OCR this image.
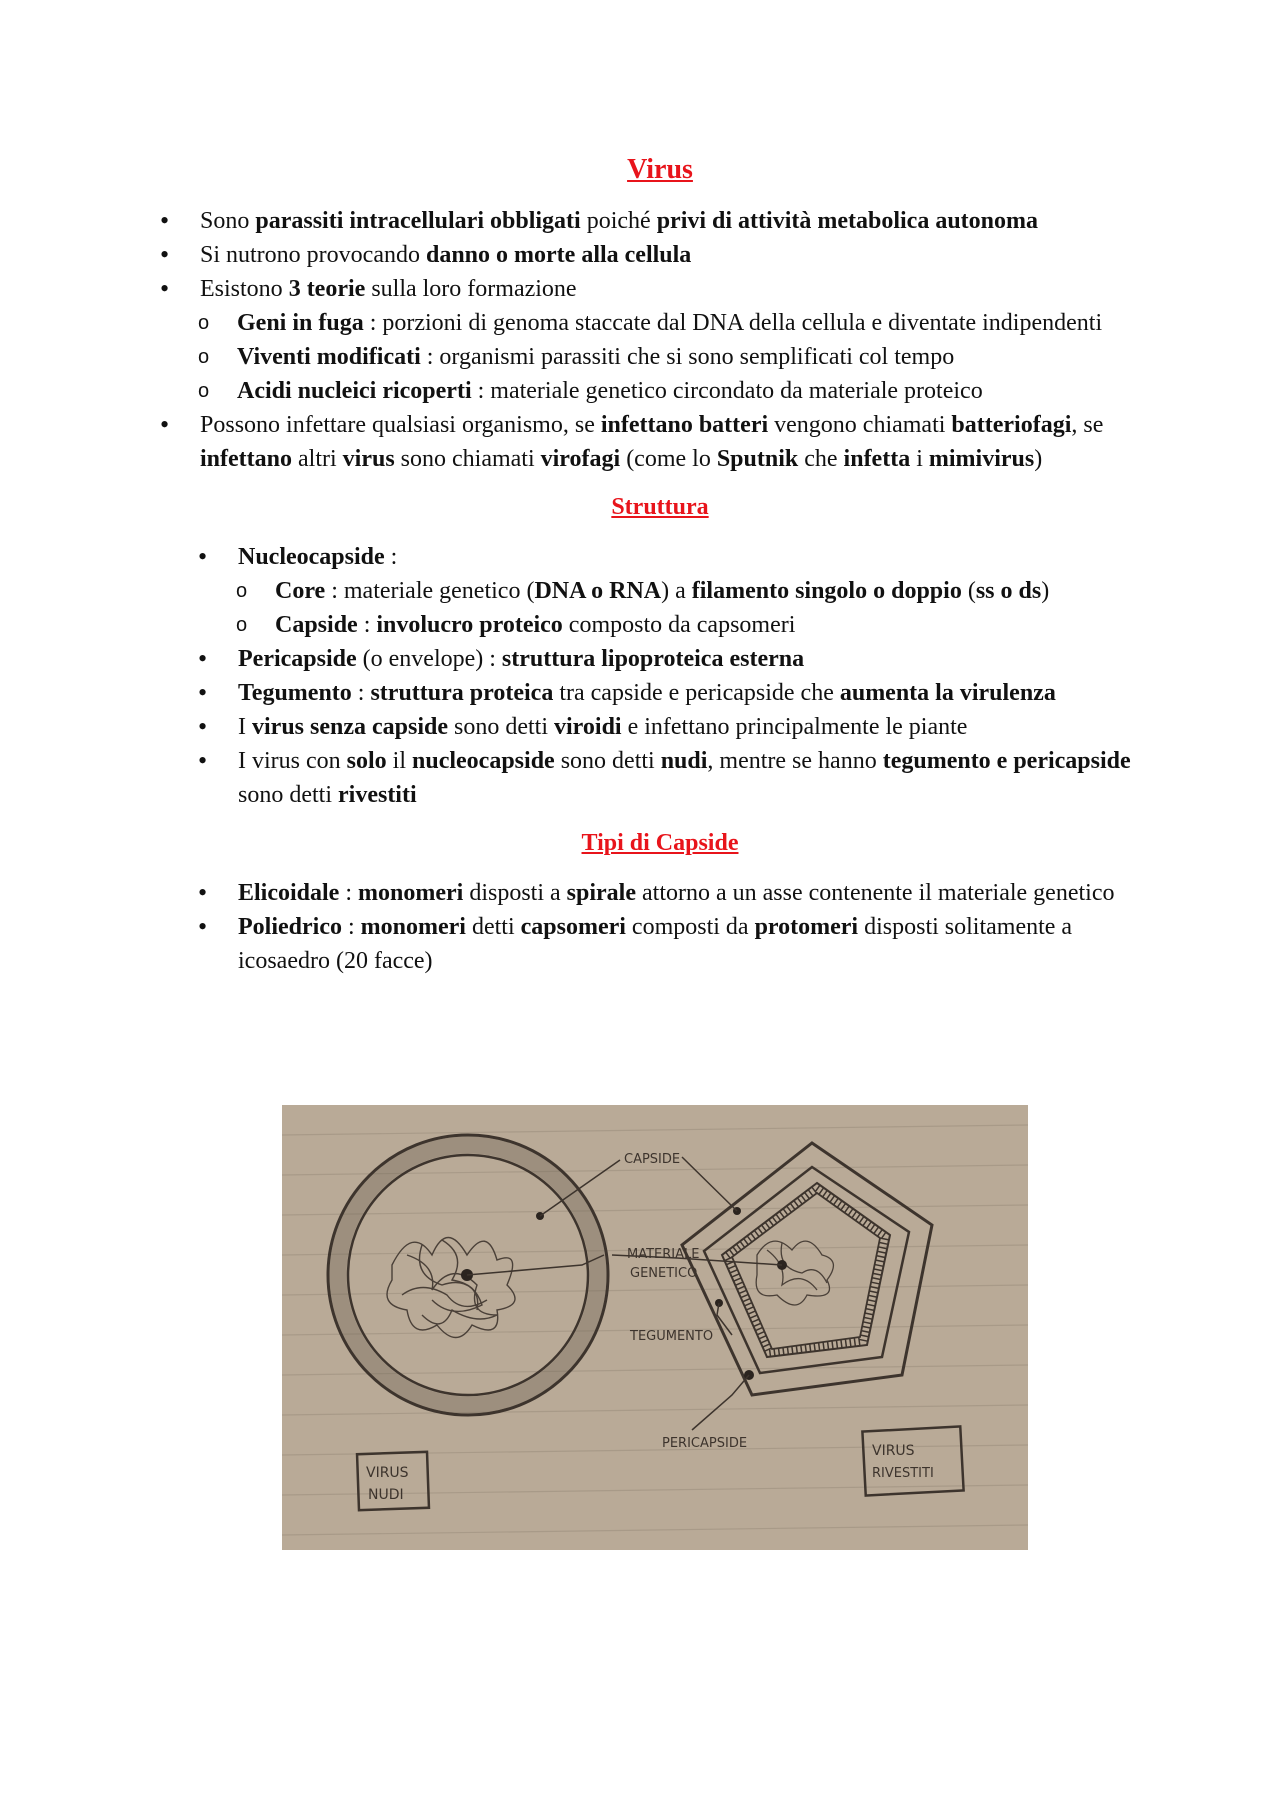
Virus
• Sono parassiti intracellulari obbligati poiché privi di attività metabolica autonoma
• Si nutrono provocando danno o morte alla cellula
• Esistono 3 teorie sulla loro formazione
o Geni in fuga : porzioni di genoma staccate dal DNA della cellula e diventate indipendenti
o Viventi modificati : organismi parassiti che si sono semplificati col tempo
o Acidi nucleici ricoperti : materiale genetico circondato da materiale proteico
• Possono infettare qualsiasi organismo, se infettano batteri vengono chiamati batteriofagi, se infettano altri virus sono chiamati virofagi (come lo Sputnik che infetta i mimivirus)
Struttura
• Nucleocapside :
o Core : materiale genetico (DNA o RNA) a filamento singolo o doppio (ss o ds)
o Capside : involucro proteico composto da capsomeri
• Pericapside (o envelope) : struttura lipoproteica esterna
• Tegumento : struttura proteica tra capside e pericapside che aumenta la virulenza
• I virus senza capside sono detti viroidi e infettano principalmente le piante
• I virus con solo il nucleocapside sono detti nudi, mentre se hanno tegumento e pericapside sono detti rivestiti
Tipi di Capside
• Elicoidale : monomeri disposti a spirale attorno a un asse contenente il materiale genetico
• Poliedrico : monomeri detti capsomeri composti da protomeri disposti solitamente a icosaedro (20 facce)
CAPSIDE
MATERIALE
GENETICO
TEGUMENTO
PERICAPSIDE
VIRUS
NUDI
VIRUS
RIVESTITI
